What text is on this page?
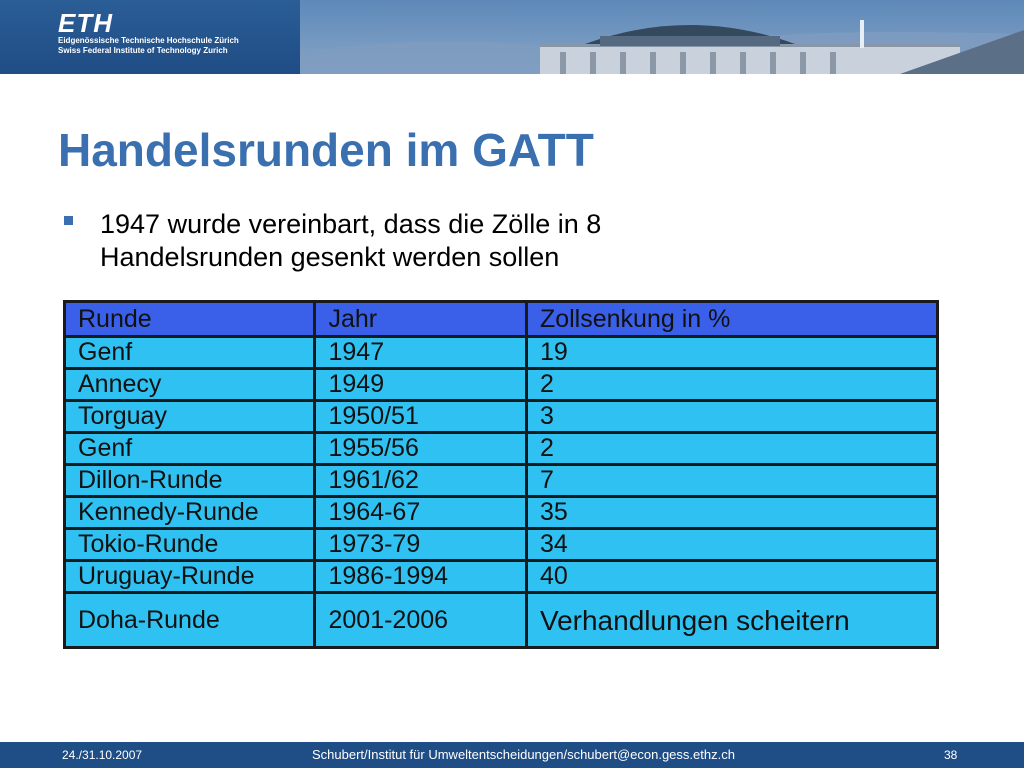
ETH
Eidgenössische Technische Hochschule Zürich
Swiss Federal Institute of Technology Zurich
Handelsrunden im GATT
1947 wurde vereinbart, dass die Zölle in 8 Handelsrunden gesenkt werden sollen
Runde	Jahr	Zollsenkung in %
Genf	1947	19
Annecy	1949	2
Torguay	1950/51	3
Genf	1955/56	2
Dillon-Runde	1961/62	7
Kennedy-Runde	1964-67	35
Tokio-Runde	1973-79	34
Uruguay-Runde	1986-1994	40
Doha-Runde	2001-2006	Verhandlungen scheitern
24./31.10.2007	Schubert/Institut für Umweltentscheidungen/schubert@econ.gess.ethz.ch	38
